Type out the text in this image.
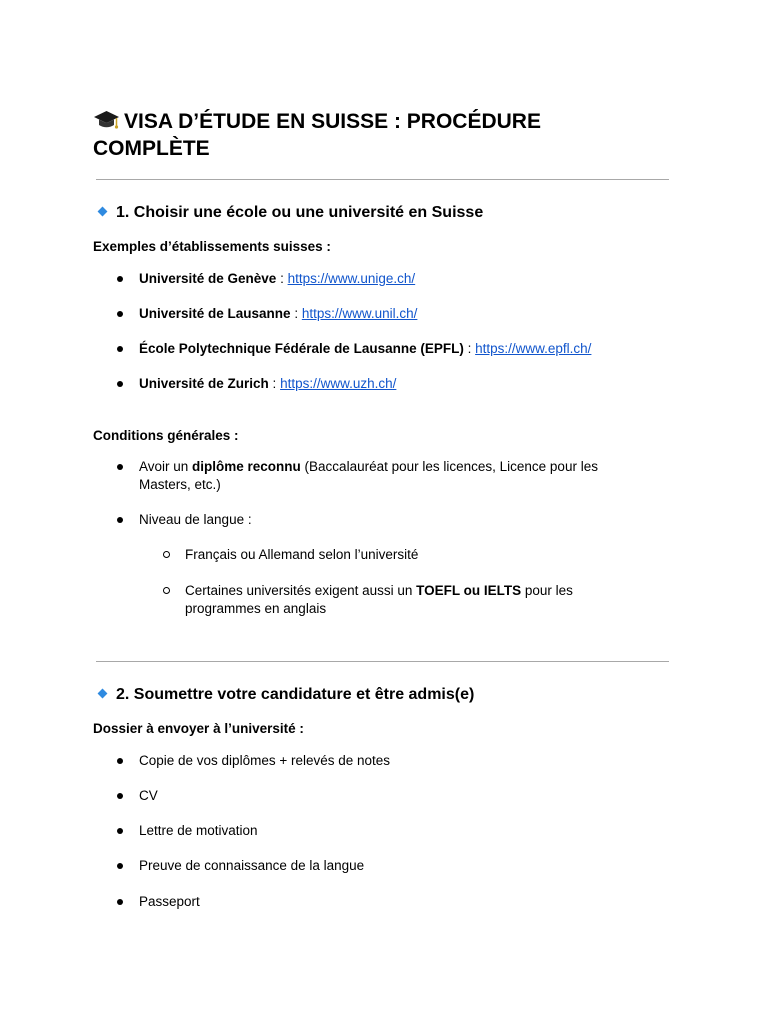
VISA D’ÉTUDE EN SUISSE : PROCÉDURE COMPLÈTE
1. Choisir une école ou une université en Suisse

Exemples d’établissements suisses :

Université de Genève : https://www.unige.ch/
Université de Lausanne : https://www.unil.ch/
École Polytechnique Fédérale de Lausanne (EPFL) : https://www.epfl.ch/
Université de Zurich : https://www.uzh.ch/

Conditions générales :

Avoir un diplôme reconnu (Baccalauréat pour les licences, Licence pour les Masters, etc.)
Niveau de langue :
Français ou Allemand selon l’université
Certaines universités exigent aussi un TOEFL ou IELTS pour les programmes en anglais
2. Soumettre votre candidature et être admis(e)

Dossier à envoyer à l’université :

Copie de vos diplômes + relevés de notes
CV
Lettre de motivation
Preuve de connaissance de la langue
Passeport
